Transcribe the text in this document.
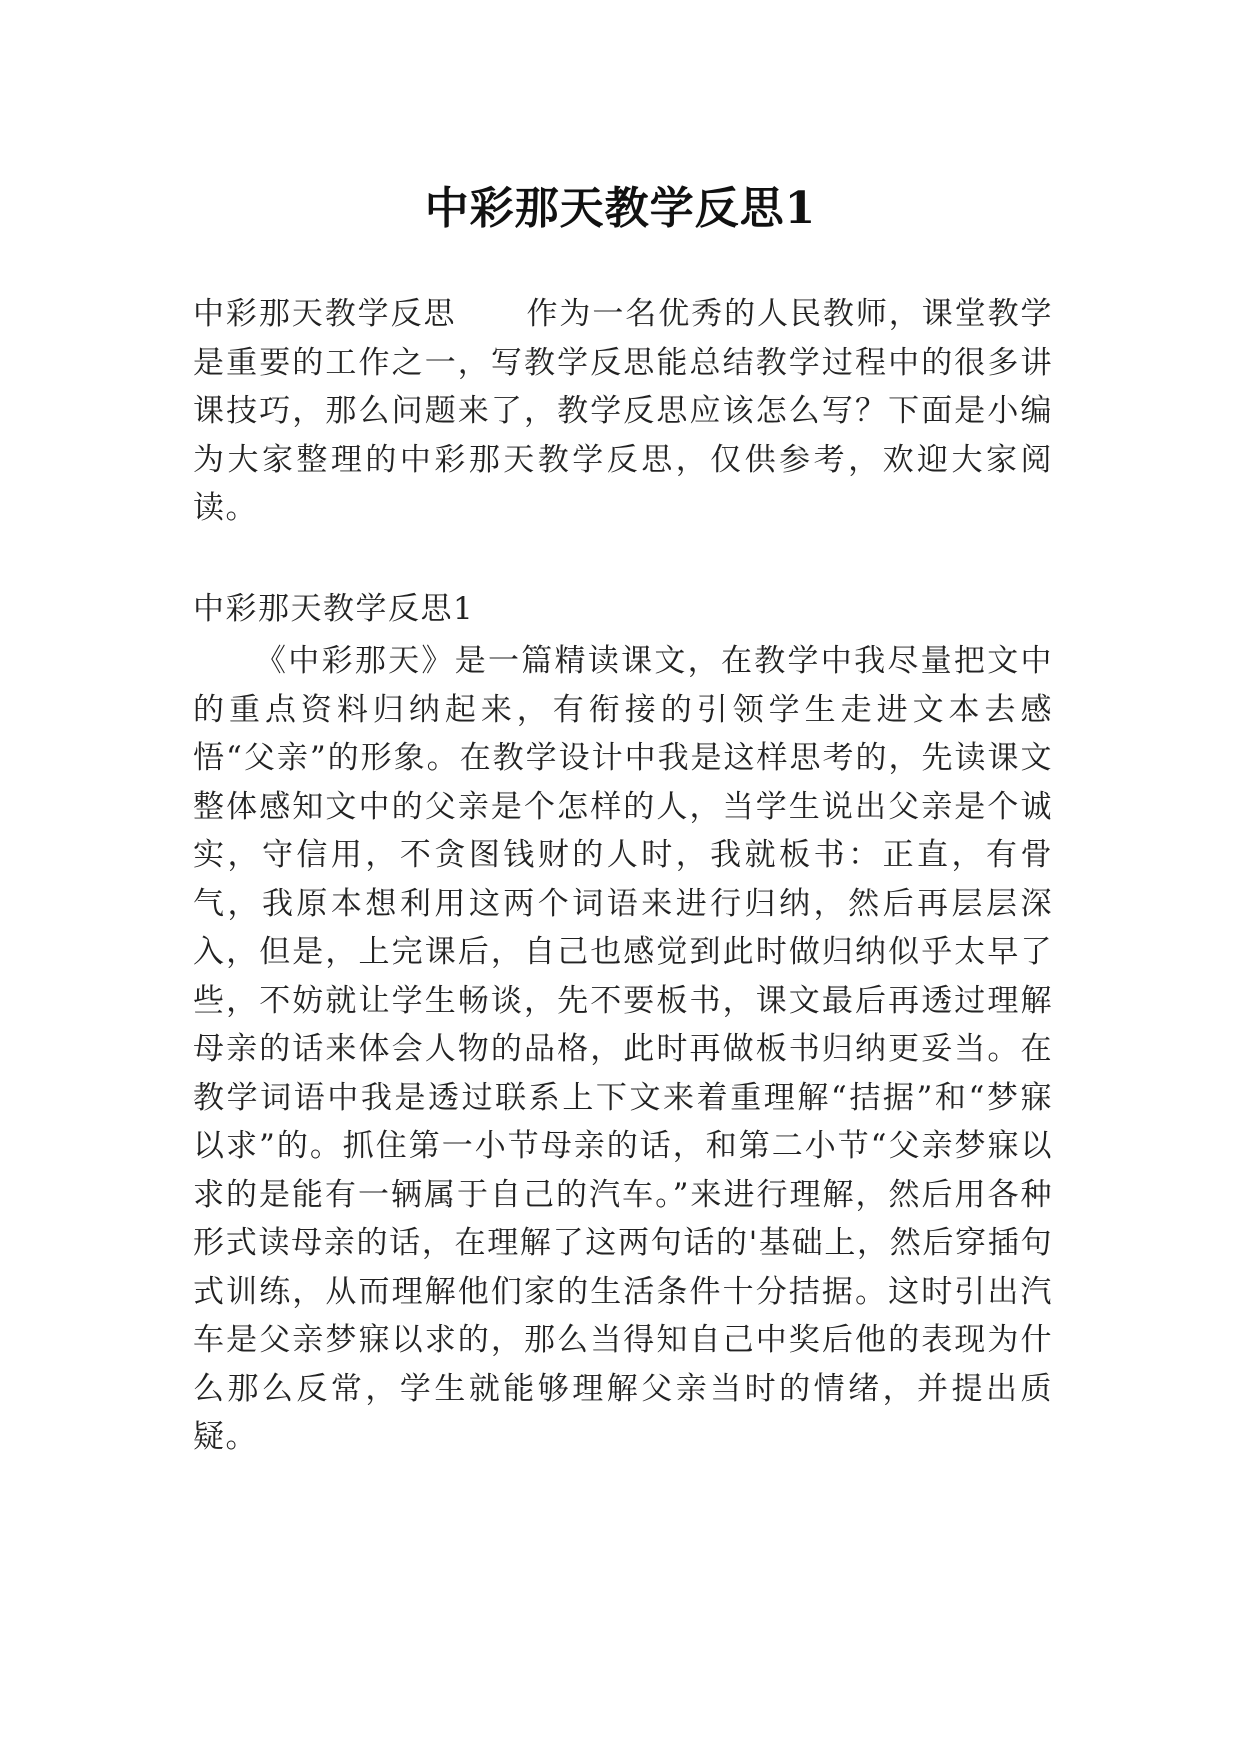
中彩那天教学反思1
中彩那天教学反思 作为一名优秀的人民教师，课堂教学是重要的工作之一，写教学反思能总结教学过程中的很多讲课技巧，那么问题来了，教学反思应该怎么写？下面是小编为大家整理的中彩那天教学反思，仅供参考，欢迎大家阅读。
中彩那天教学反思1

《中彩那天》是一篇精读课文，在教学中我尽量把文中的重点资料归纳起来，有衔接的引领学生走进文本去感悟“父亲”的形象。在教学设计中我是这样思考的，先读课文整体感知文中的父亲是个怎样的人，当学生说出父亲是个诚实，守信用，不贪图钱财的人时，我就板书：正直，有骨气，我原本想利用这两个词语来进行归纳，然后再层层深入，但是，上完课后，自己也感觉到此时做归纳似乎太早了些，不妨就让学生畅谈，先不要板书，课文最后再透过理解母亲的话来体会人物的品格，此时再做板书归纳更妥当。在教学词语中我是透过联系上下文来着重理解“拮据”和“梦寐以求”的。抓住第一小节母亲的话，和第二小节“父亲梦寐以求的是能有一辆属于自己的汽车。”来进行理解，然后用各种形式读母亲的话，在理解了这两句话的'基础上，然后穿插句式训练，从而理解他们家的生活条件十分拮据。这时引出汽车是父亲梦寐以求的，那么当得知自己中奖后他的表现为什么那么反常，学生就能够理解父亲当时的情绪，并提出质疑。
